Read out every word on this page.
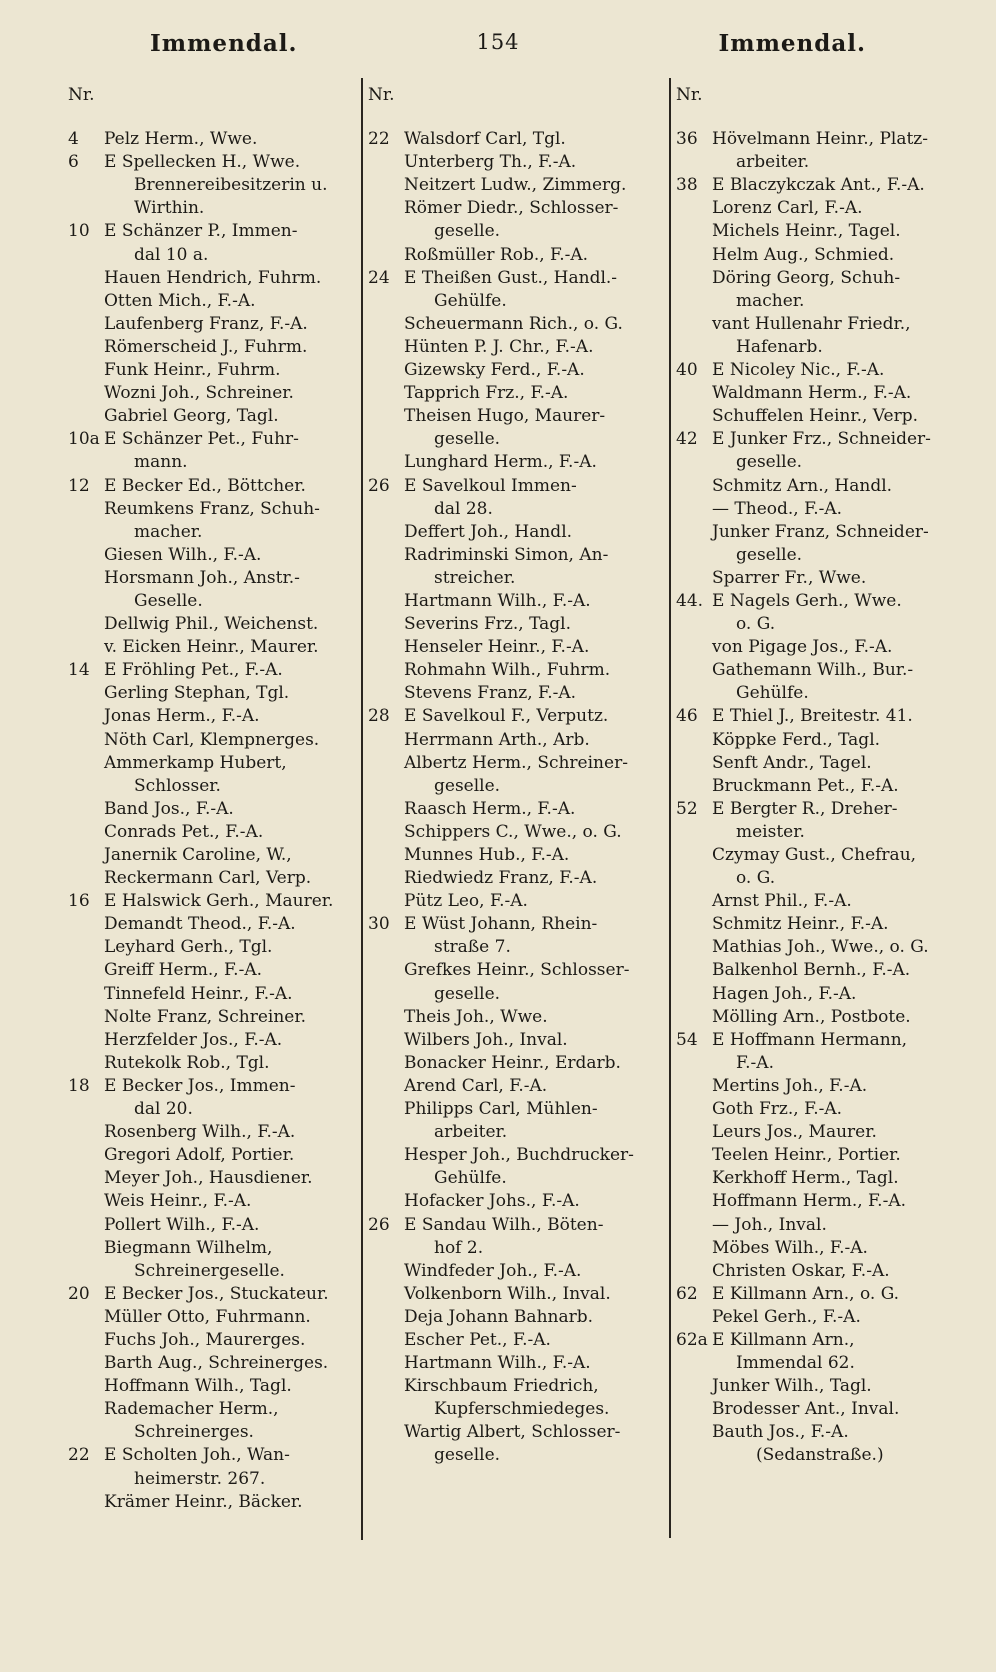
Immendal.	154	Immendal.
Nr.
4 Pelz Herm., Wwe.
6 E Spellecken H., Wwe.
Brennereibesitzerin u.
Wirthin.
10 E Schänzer P., Immen-
dal 10 a.
Hauen Hendrich, Fuhrm.
Otten Mich., F.-A.
Laufenberg Franz, F.-A.
Römerscheid J., Fuhrm.
Funk Heinr., Fuhrm.
Wozni Joh., Schreiner.
Gabriel Georg, Tagl.
10a E Schänzer Pet., Fuhr-
mann.
12 E Becker Ed., Böttcher.
Reumkens Franz, Schuh-
macher.
Giesen Wilh., F.-A.
Horsmann Joh., Anstr.-
Gesellе.
Dellwig Phil., Weichenst.
v. Eicken Heinr., Maurer.
14 E Fröhling Pet., F.-A.
Gerling Stephan, Tgl.
Jonas Herm., F.-A.
Nöth Carl, Klempnerges.
Ammerkamp Hubert,
Schlosser.
Band Jos., F.-A.
Conrads Pet., F.-A.
Janernik Caroline, W.,
Reckermann Carl, Verp.
16 E Halswick Gerh., Maurer.
Demandt Theod., F.-A.
Leyhard Gerh., Tgl.
Greiff Herm., F.-A.
Tinnefeld Heinr., F.-A.
Nolte Franz, Schreiner.
Herzfelder Jos., F.-A.
Rutekolk Rob., Tgl.
18 E Becker Jos., Immen-
dal 20.
Rosenberg Wilh., F.-A.
Gregori Adolf, Portier.
Meyer Joh., Hausdiener.
Weis Heinr., F.-A.
Pollert Wilh., F.-A.
Biegmann Wilhelm,
Schreinergeselle.
20 E Becker Jos., Stuckateur.
Müller Otto, Fuhrmann.
Fuchs Joh., Maurerges.
Barth Aug., Schreinerges.
Hoffmann Wilh., Tagl.
Rademacher Herm.,
Schreinerges.
22 E Scholten Joh., Wan-
heimerstr. 267.
Krämer Heinr., Bäcker.
Nr.
22 Walsdorf Carl, Tgl.
Unterberg Th., F.-A.
Neitzert Ludw., Zimmerg.
Römer Diedr., Schlosser-
geselle.
Roßmüller Rob., F.-A.
24 E Theißen Gust., Handl.-
Gehülfe.
Scheuermann Rich., o. G.
Hünten P. J. Chr., F.-A.
Gizewsky Ferd., F.-A.
Tapprich Frz., F.-A.
Theisen Hugo, Maurer-
geselle.
Lunghard Herm., F.-A.
26 E Savelkoul Immen-
dal 28.
Deffert Joh., Handl.
Radriminski Simon, An-
streicher.
Hartmann Wilh., F.-A.
Severins Frz., Tagl.
Henseler Heinr., F.-A.
Rohmahn Wilh., Fuhrm.
Stevens Franz, F.-A.
28 E Savelkoul F., Verputz.
Herrmann Arth., Arb.
Albertz Herm., Schreiner-
geselle.
Raasch Herm., F.-A.
Schippers C., Wwe., o. G.
Munnes Hub., F.-A.
Riedwiedz Franz, F.-A.
Pütz Leo, F.-A.
30 E Wüst Johann, Rhein-
straße 7.
Grefkes Heinr., Schlosser-
geselle.
Theis Joh., Wwe.
Wilbers Joh., Inval.
Bonacker Heinr., Erdarb.
Arend Carl, F.-A.
Philipps Carl, Mühlen-
arbeiter.
Hesper Joh., Buchdrucker-
Gehülfe.
Hofacker Johs., F.-A.
26 E Sandau Wilh., Böten-
hof 2.
Windfeder Joh., F.-A.
Volkenborn Wilh., Inval.
Deja Johann Bahnarb.
Escher Pet., F.-A.
Hartmann Wilh., F.-A.
Kirschbaum Friedrich,
Kupferschmiedeges.
Wartig Albert, Schlosser-
geselle.
Nr.
36 Hövelmann Heinr., Platz-
arbeiter.
38 E Blaczykczak Ant., F.-A.
Lorenz Carl, F.-A.
Michels Heinr., Tagel.
Helm Aug., Schmied.
Döring Georg, Schuh-
macher.
vant Hullenahr Friedr.,
Hafenarb.
40 E Nicoley Nic., F.-A.
Waldmann Herm., F.-A.
Schuffelen Heinr., Verp.
42 E Junker Frz., Schneider-
geselle.
Schmitz Arn., Handl.
— Theod., F.-A.
Junker Franz, Schneider-
geselle.
Sparrer Fr., Wwe.
44. E Nagels Gerh., Wwe.
o. G.
von Pigage Jos., F.-A.
Gathemann Wilh., Bur.-
Gehülfe.
46 E Thiel J., Breitestr. 41.
Köppke Ferd., Tagl.
Senft Andr., Tagel.
Bruckmann Pet., F.-A.
52 E Bergter R., Dreher-
meister.
Czymay Gust., Chefrau,
o. G.
Arnst Phil., F.-A.
Schmitz Heinr., F.-A.
Mathias Joh., Wwe., o. G.
Balkenhol Bernh., F.-A.
Hagen Joh., F.-A.
Mölling Arn., Postbote.
54 E Hoffmann Hermann,
F.-A.
Mertins Joh., F.-A.
Goth Frz., F.-A.
Leurs Jos., Maurer.
Teelen Heinr., Portier.
Kerkhoff Herm., Tagl.
Hoffmann Herm., F.-A.
— Joh., Inval.
Möbes Wilh., F.-A.
Christen Oskar, F.-A.
62 E Killmann Arn., o. G.
Pekel Gerh., F.-A.
62a E Killmann Arn.,
Immendal 62.
Junker Wilh., Tagl.
Brodesser Ant., Inval.
Bauth Jos., F.-A.
(Sedanstraße.)
